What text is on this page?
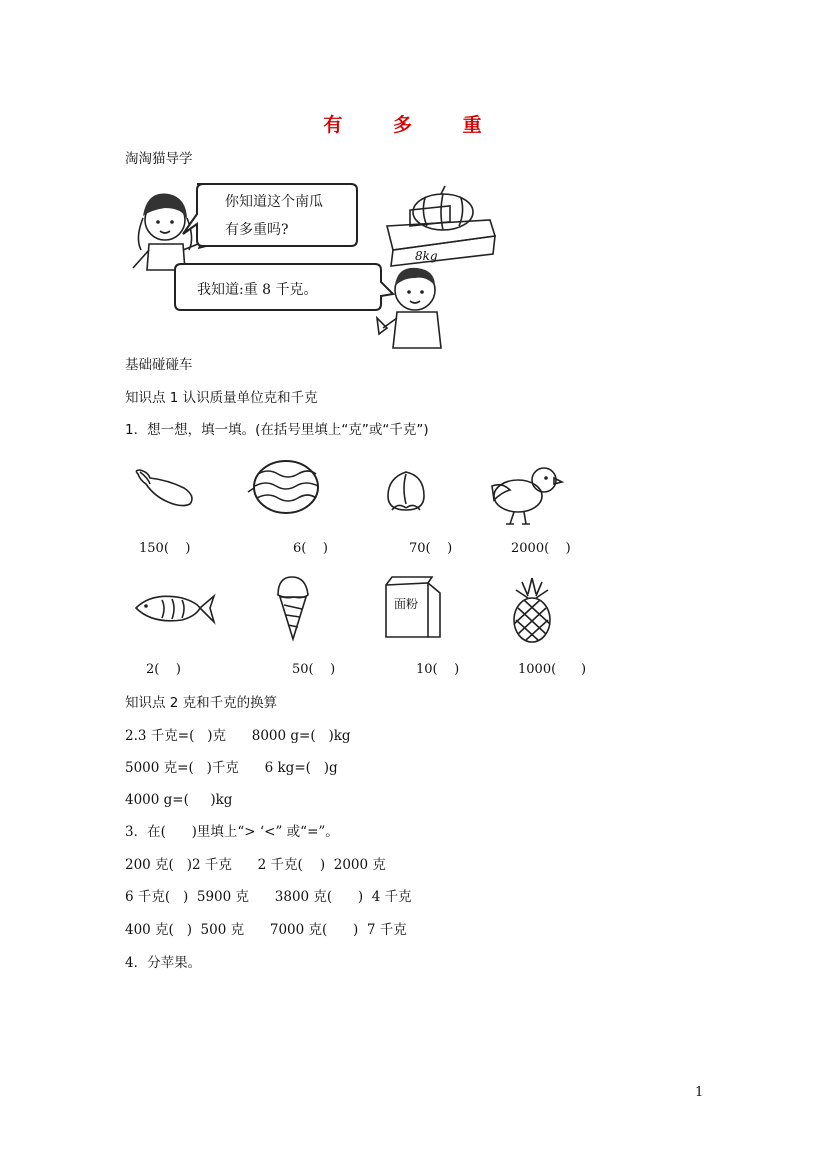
有 多 重
淘淘猫导学
你知道这个南瓜
有多重吗?
8kg
我知道:重 8 千克。
基础碰碰车
知识点 1 认识质量单位克和千克
1．想一想，填一填。(在括号里填上“克”或“千克”)
150(    )	6(    )	70(    )	2000(    )
面粉
2(    )	50(    )	10(    )	1000(      )
知识点 2 克和千克的换算
2.3 千克=(   )克      8000 g=(   )kg
5000 克=(   )千克      6 kg=(   )g
4000 g=(     )kg
3．在(      )里填上“> ‘<” 或“=”。
200 克(   )2 千克      2 千克(    )  2000 克
6 千克(   )  5900 克      3800 克(      )  4 千克
400 克(   )  500 克      7000 克(      )  7 千克
4．分苹果。
1
